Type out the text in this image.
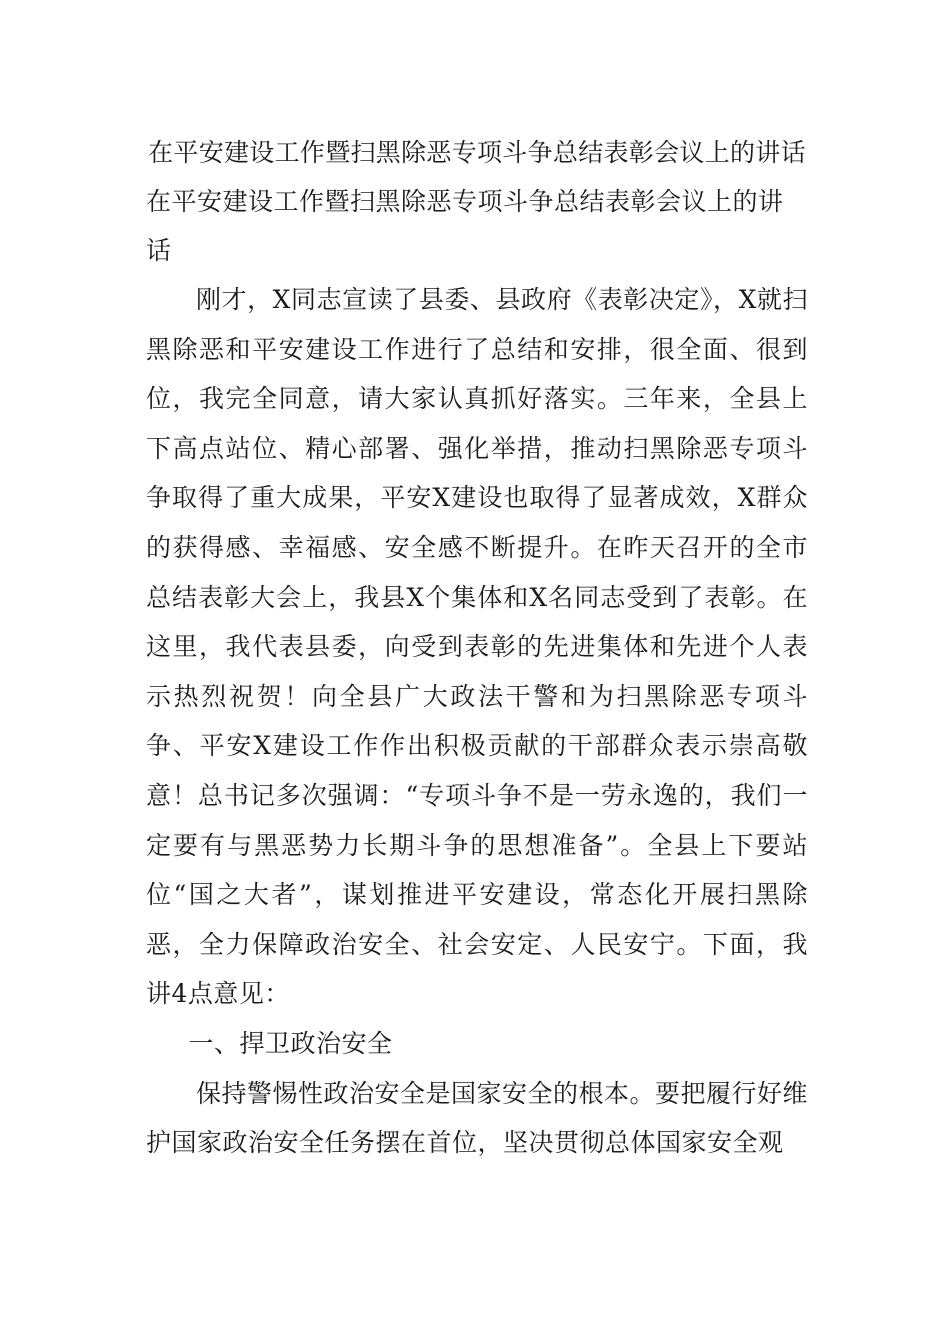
在平安建设工作暨扫黑除恶专项斗争总结表彰会议上的讲话

在平安建设工作暨扫黑除恶专项斗争总结表彰会议上的讲话

刚才，X同志宣读了县委、县政府《表彰决定》，X就扫黑除恶和平安建设工作进行了总结和安排，很全面、很到位，我完全同意，请大家认真抓好落实。三年来，全县上下高点站位、精心部署、强化举措，推动扫黑除恶专项斗争取得了重大成果，平安X建设也取得了显著成效，X群众的获得感、幸福感、安全感不断提升。在昨天召开的全市总结表彰大会上，我县X个集体和X名同志受到了表彰。在这里，我代表县委，向受到表彰的先进集体和先进个人表示热烈祝贺！向全县广大政法干警和为扫黑除恶专项斗争、平安X建设工作作出积极贡献的干部群众表示崇高敬意！总书记多次强调：“专项斗争不是一劳永逸的，我们一定要有与黑恶势力长期斗争的思想准备”。全县上下要站位“国之大者”，谋划推进平安建设，常态化开展扫黑除恶，全力保障政治安全、社会安定、人民安宁。下面，我讲4点意见：

一、捍卫政治安全

保持警惕性政治安全是国家安全的根本。要把履行好维护国家政治安全任务摆在首位，坚决贯彻总体国家安全观
